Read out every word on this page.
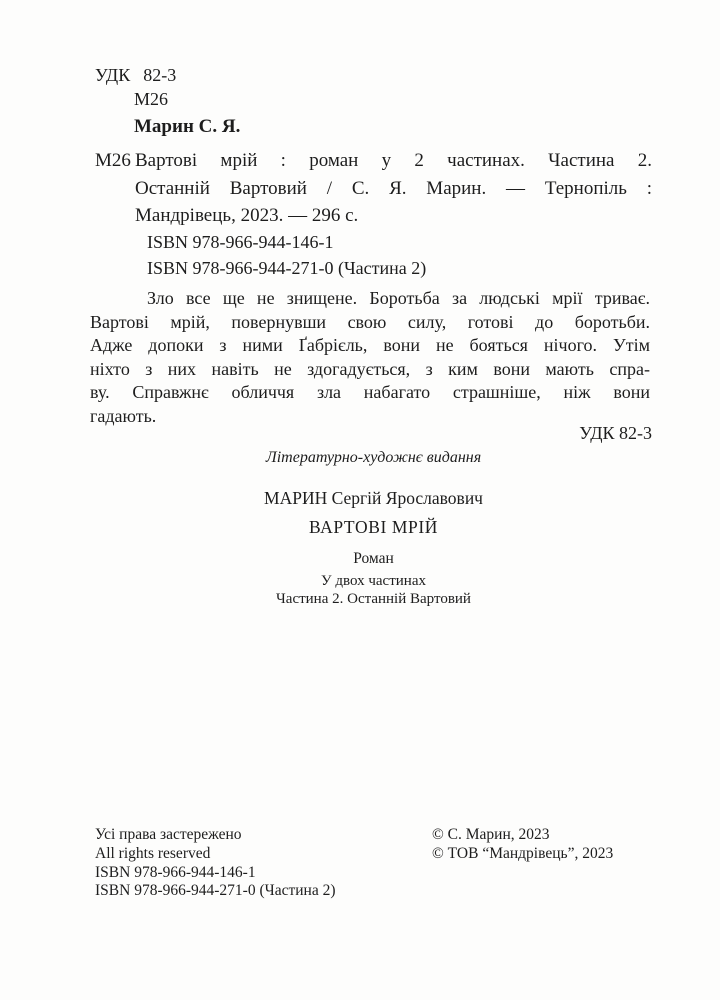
УДК 82-3
М26
Марин С. Я.
М26 Вартові мрій : роман у 2 частинах. Частина 2.
Останній Вартовий / С. Я. Марин. — Тернопіль :
Мандрівець, 2023. — 296 с.
ISBN 978-966-944-146-1
ISBN 978-966-944-271-0 (Частина 2)
Зло все ще не знищене. Боротьба за людські мрії триває.
Вартові мрій, повернувши свою силу, готові до боротьби.
Адже допоки з ними Ґабрієль, вони не бояться нічого. Утім
ніхто з них навіть не здогадується, з ким вони мають спра-
ву. Справжнє обличчя зла набагато страшніше, ніж вони
гадають.
УДК 82-3
Літературно-художнє видання
МАРИН Сергій Ярославович
ВАРТОВІ МРІЙ
Роман
У двох частинах
Частина 2. Останній Вартовий
Усі права застережено
All rights reserved
ISBN 978-966-944-146-1
ISBN 978-966-944-271-0 (Частина 2)
© С. Марин, 2023
© ТОВ “Мандрівець”, 2023
